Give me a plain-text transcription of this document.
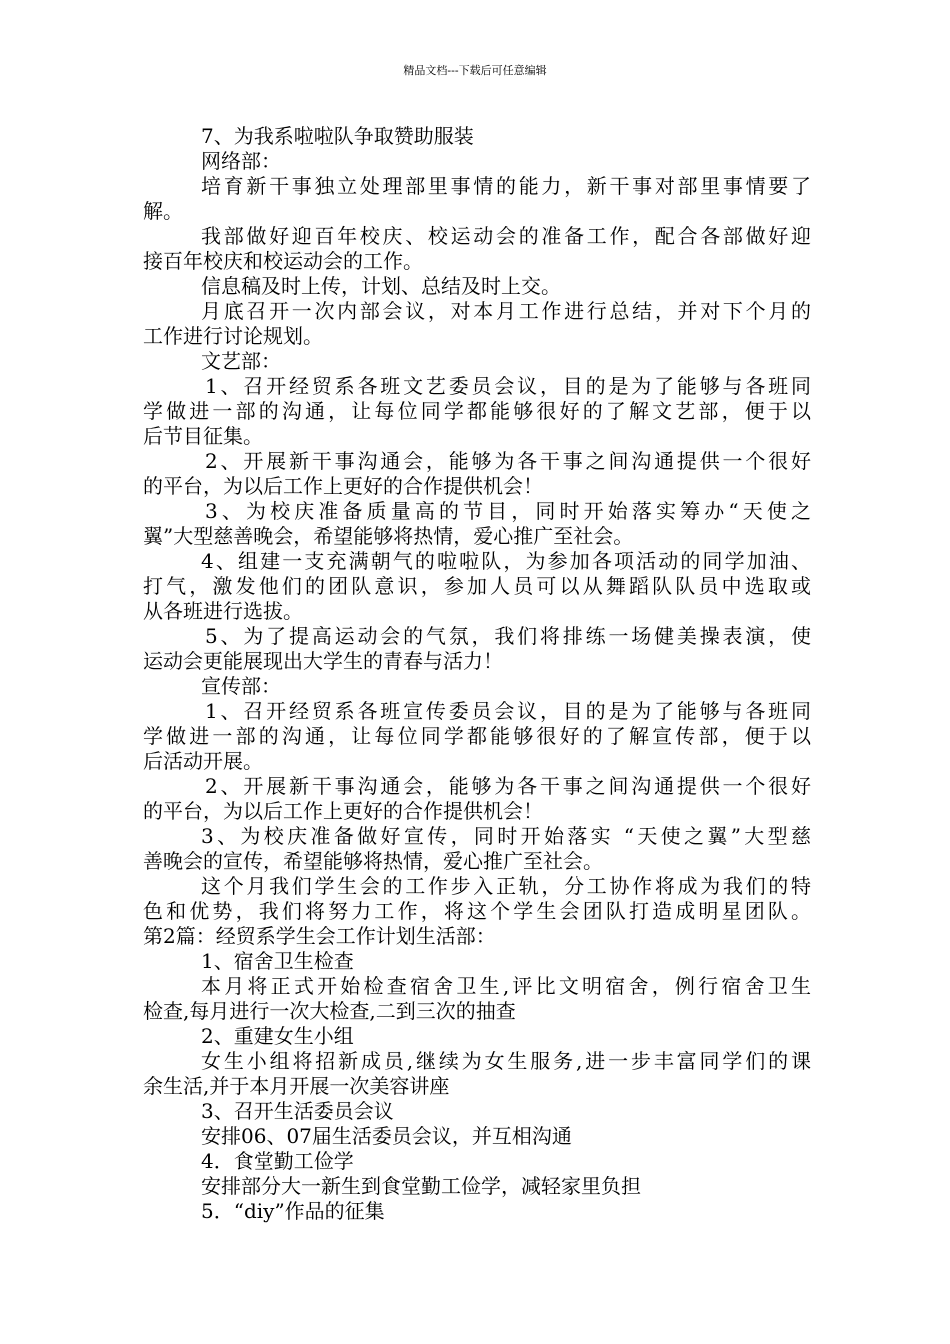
精品文档---下载后可任意编辑
7、为我系啦啦队争取赞助服装
网络部：
培育新干事独立处理部里事情的能力，新干事对部里事情要了
解。
我部做好迎百年校庆、校运动会的准备工作，配合各部做好迎
接百年校庆和校运动会的工作。
信息稿及时上传，计划、总结及时上交。
月底召开一次内部会议，对本月工作进行总结，并对下个月的
工作进行讨论规划。
文艺部：
1、召开经贸系各班文艺委员会议，目的是为了能够与各班同
学做进一部的沟通，让每位同学都能够很好的了解文艺部，便于以
后节目征集。
2、开展新干事沟通会，能够为各干事之间沟通提供一个很好
的平台，为以后工作上更好的合作提供机会！
3、为校庆准备质量高的节目，同时开始落实筹办“天使之
翼”大型慈善晚会，希望能够将热情，爱心推广至社会。
4、组建一支充满朝气的啦啦队，为参加各项活动的同学加油、
打气，激发他们的团队意识，参加人员可以从舞蹈队队员中选取或
从各班进行选拔。
5、为了提高运动会的气氛，我们将排练一场健美操表演，使
运动会更能展现出大学生的青春与活力！
宣传部：
1、召开经贸系各班宣传委员会议，目的是为了能够与各班同
学做进一部的沟通，让每位同学都能够很好的了解宣传部，便于以
后活动开展。
2、开展新干事沟通会，能够为各干事之间沟通提供一个很好
的平台，为以后工作上更好的合作提供机会！
3、为校庆准备做好宣传，同时开始落实 “天使之翼”大型慈
善晚会的宣传，希望能够将热情，爱心推广至社会。
这个月我们学生会的工作步入正轨，分工协作将成为我们的特
色和优势，我们将努力工作，将这个学生会团队打造成明星团队。
第2篇：经贸系学生会工作计划生活部：
1、宿舍卫生检查
本月将正式开始检查宿舍卫生,评比文明宿舍，例行宿舍卫生
检查,每月进行一次大检查,二到三次的抽查
2、重建女生小组
女生小组将招新成员,继续为女生服务,进一步丰富同学们的课
余生活,并于本月开展一次美容讲座
3、召开生活委员会议
安排06、07届生活委员会议，并互相沟通
4．食堂勤工俭学
安排部分大一新生到食堂勤工俭学，减轻家里负担
5．“diy”作品的征集
